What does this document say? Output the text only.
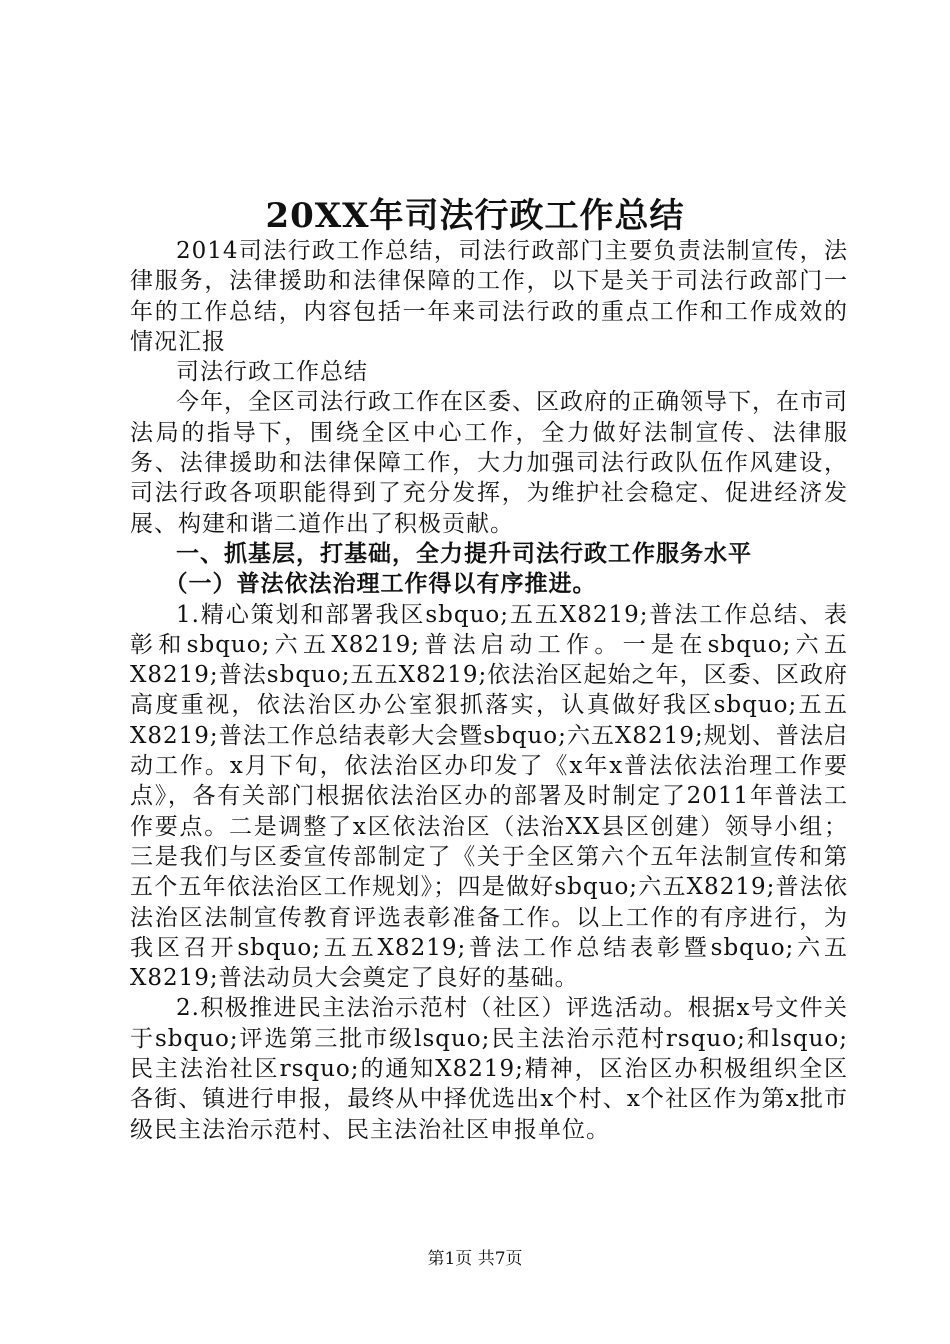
20XX年司法行政工作总结

2014司法行政工作总结，司法行政部门主要负责法制宣传，法律服务，法律援助和法律保障的工作，以下是关于司法行政部门一年的工作总结，内容包括一年来司法行政的重点工作和工作成效的情况汇报

司法行政工作总结

今年，全区司法行政工作在区委、区政府的正确领导下，在市司法局的指导下，围绕全区中心工作，全力做好法制宣传、法律服务、法律援助和法律保障工作，大力加强司法行政队伍作风建设，司法行政各项职能得到了充分发挥，为维护社会稳定、促进经济发展、构建和谐二道作出了积极贡献。

一、抓基层，打基础，全力提升司法行政工作服务水平

（一）普法依法治理工作得以有序推进。

1.精心策划和部署我区sbquo;五五X8219;普法工作总结、表彰和sbquo;六五X8219;普法启动工作。一是在sbquo;六五X8219;普法sbquo;五五X8219;依法治区起始之年，区委、区政府高度重视，依法治区办公室狠抓落实，认真做好我区sbquo;五五X8219;普法工作总结表彰大会暨sbquo;六五X8219;规划、普法启动工作。x月下旬，依法治区办印发了《x年x普法依法治理工作要点》，各有关部门根据依法治区办的部署及时制定了2011年普法工作要点。二是调整了x区依法治区（法治XX县区创建）领导小组；三是我们与区委宣传部制定了《关于全区第六个五年法制宣传和第五个五年依法治区工作规划》；四是做好sbquo;六五X8219;普法依法治区法制宣传教育评选表彰准备工作。以上工作的有序进行，为我区召开sbquo;五五X8219;普法工作总结表彰暨sbquo;六五X8219;普法动员大会奠定了良好的基础。

2.积极推进民主法治示范村（社区）评选活动。根据x号文件关于sbquo;评选第三批市级lsquo;民主法治示范村rsquo;和lsquo;民主法治社区rsquo;的通知X8219;精神，区治区办积极组织全区各街、镇进行申报，最终从中择优选出x个村、x个社区作为第x批市级民主法治示范村、民主法治社区申报单位。

第1页 共7页
